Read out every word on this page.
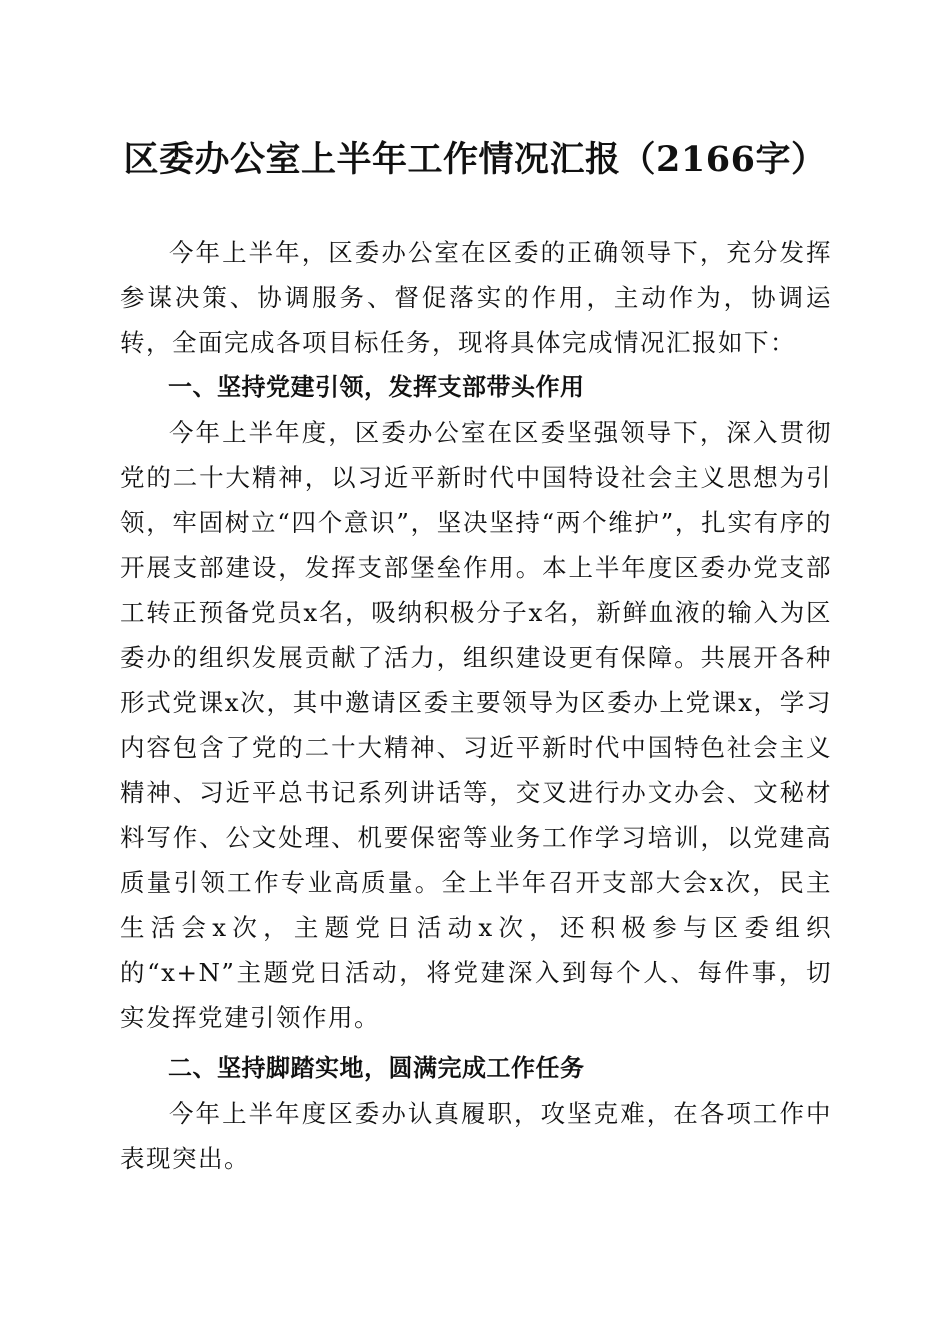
区委办公室上半年工作情况汇报（2166字）

今年上半年，区委办公室在区委的正确领导下，充分发挥参谋决策、协调服务、督促落实的作用，主动作为，协调运转，全面完成各项目标任务，现将具体完成情况汇报如下：

一、坚持党建引领，发挥支部带头作用

今年上半年度，区委办公室在区委坚强领导下，深入贯彻党的二十大精神，以习近平新时代中国特设社会主义思想为引领，牢固树立“四个意识”，坚决坚持“两个维护”，扎实有序的开展支部建设，发挥支部堡垒作用。本上半年度区委办党支部工转正预备党员x名，吸纳积极分子x名，新鲜血液的输入为区委办的组织发展贡献了活力，组织建设更有保障。共展开各种形式党课x次，其中邀请区委主要领导为区委办上党课x，学习内容包含了党的二十大精神、习近平新时代中国特色社会主义精神、习近平总书记系列讲话等，交叉进行办文办会、文秘材料写作、公文处理、机要保密等业务工作学习培训，以党建高质量引领工作专业高质量。全上半年召开支部大会x次，民主生活会x次，主题党日活动x次，还积极参与区委组织的“x+N”主题党日活动，将党建深入到每个人、每件事，切实发挥党建引领作用。

二、坚持脚踏实地，圆满完成工作任务

今年上半年度区委办认真履职，攻坚克难，在各项工作中表现突出。
